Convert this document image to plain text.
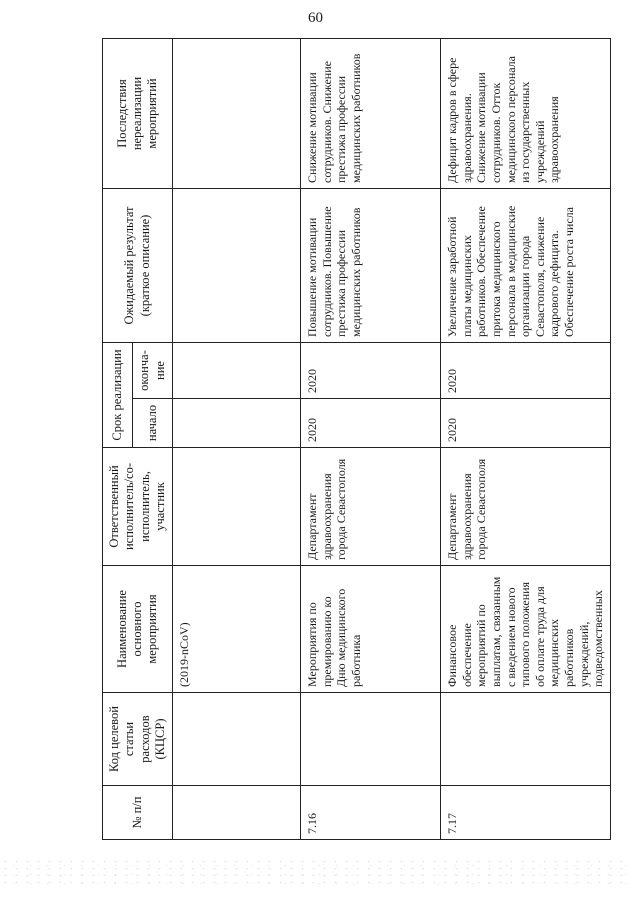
60
№ п/п	Код целевой статьи расходов (КЦСР)	Наименование основного мероприятия	Ответственный исполнитель/со-исполнитель, участник	Срок реализации		Ожидаемый результат (краткое описание)	Последствия нереализации мероприятий
				начало	оконча-ние		
		(2019-nCoV)					
7.16		Мероприятия по премированию ко Дню медицинского работника	Департамент здравоохранения города Севастополя	2020	2020	Повышение мотивации сотрудников. Повышение престижа профессии медицинских работников	Снижение мотивации сотрудников. Снижение престижа профессии медицинских работников
7.17		Финансовое обеспечение мероприятий по выплатам, связанным с введением нового типового положения об оплате труда для медицинских работников учреждений, подведомственных	Департамент здравоохранения города Севастополя	2020	2020	Увеличение заработной платы медицинских работников. Обеспечение притока медицинского персонала в медицинские организации города Севастополя, снижение кадрового дефицита. Обеспечение роста числа	Дефицит кадров в сфере здравоохранения. Снижение мотивации сотрудников. Отток медицинского персонала из государственных учреждений здравоохранения
